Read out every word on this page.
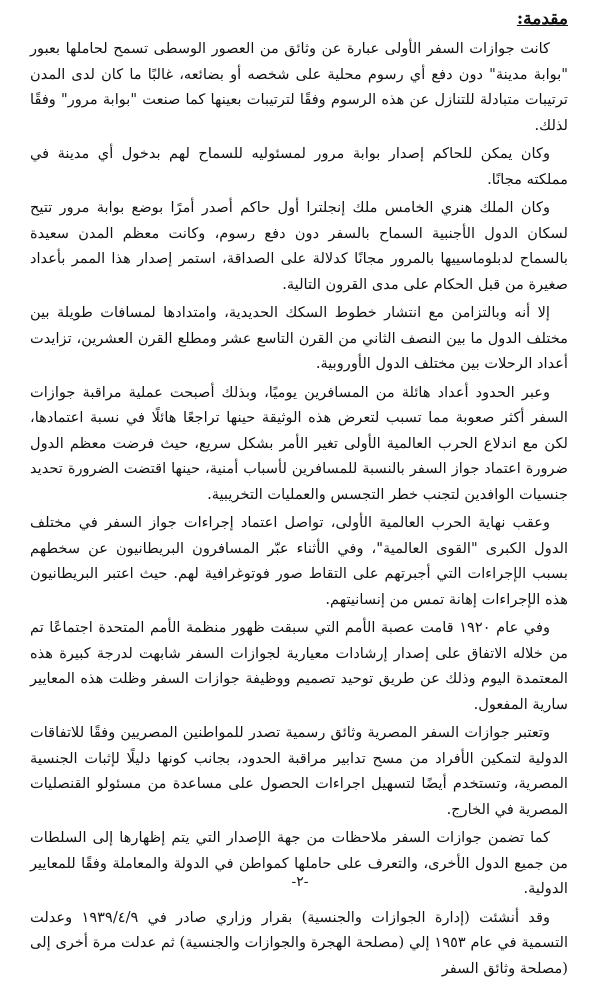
مقدمة:

كانت جوازات السفر الأولى عبارة عن وثائق من العصور الوسطى تسمح لحاملها بعبور "بوابة مدينة" دون دفع أي رسوم محلية على شخصه أو بضائعه، غالبًا ما كان لدى المدن ترتيبات متبادلة للتنازل عن هذه الرسوم وفقًا لترتيبات بعينها كما صنعت "بوابة مرور" وفقًا لذلك.

وكان يمكن للحاكم إصدار بوابة مرور لمسئوليه للسماح لهم بدخول أي مدينة في مملكته مجانًا.

وكان الملك هنري الخامس ملك إنجلترا أول حاكم أصدر أمرًا بوضع بوابة مرور تتيح لسكان الدول الأجنبية السماح بالسفر دون دفع رسوم، وكانت معظم المدن سعيدة بالسماح لدبلوماسييها بالمرور مجانًا كدلالة على الصداقة، استمر إصدار هذا الممر بأعداد صغيرة من قبل الحكام على مدى القرون التالية.

إلا أنه وبالتزامن مع انتشار خطوط السكك الحديدية، وامتدادها لمسافات طويلة بين مختلف الدول ما بين النصف الثاني من القرن التاسع عشر ومطلع القرن العشرين، تزايدت أعداد الرحلات بين مختلف الدول الأوروبية.

وعبر الحدود أعداد هائلة من المسافرين يوميًا، وبذلك أصبحت عملية مراقبة جوازات السفر أكثر صعوبة مما تسبب لتعرض هذه الوثيقة حينها تراجعًا هائلًا في نسبة اعتمادها، لكن مع اندلاع الحرب العالمية الأولى تغير الأمر بشكل سريع، حيث فرضت معظم الدول ضرورة اعتماد جواز السفر بالنسبة للمسافرين لأسباب أمنية، حينها اقتضت الضرورة تحديد جنسيات الوافدين لتجنب خطر التجسس والعمليات التخريبية.

وعقب نهاية الحرب العالمية الأولى، تواصل اعتماد إجراءات جواز السفر في مختلف الدول الكبرى "القوى العالمية"، وفي الأثناء عبّر المسافرون البريطانيون عن سخطهم بسبب الإجراءات التي أجبرتهم على التقاط صور فوتوغرافية لهم. حيث اعتبر البريطانيون هذه الإجراءات إهانة تمس من إنسانيتهم.

وفي عام ١٩٢٠ قامت عصبة الأمم التي سبقت ظهور منظمة الأمم المتحدة اجتماعًا تم من خلاله الاتفاق على إصدار إرشادات معيارية لجوازات السفر شابهت لدرجة كبيرة هذه المعتمدة اليوم وذلك عن طريق توحيد تصميم ووظيفة جوازات السفر وظلت هذه المعايير سارية المفعول.

وتعتبر جوازات السفر المصرية وثائق رسمية تصدر للمواطنين المصريين وفقًا للاتفاقات الدولية لتمكين الأفراد من مسح تدابير مراقبة الحدود، بجانب كونها دليلًا لإثبات الجنسية المصرية، وتستخدم أيضًا لتسهيل اجراءات الحصول على مساعدة من مسئولو القنصليات المصرية في الخارج.

كما تضمن جوازات السفر ملاحظات من جهة الإصدار التي يتم إظهارها إلى السلطات من جميع الدول الأخرى، والتعرف على حاملها كمواطن في الدولة والمعاملة وفقًا للمعايير الدولية.

وقد أنشئت (إدارة الجوازات والجنسية) بقرار وزاري صادر في ١٩٣٩/٤/٩ وعدلت التسمية في عام ١٩٥٣ إلي (مصلحة الهجرة والجوازات والجنسية) ثم عدلت مرة أخرى إلى (مصلحة وثائق السفر

-٢-
